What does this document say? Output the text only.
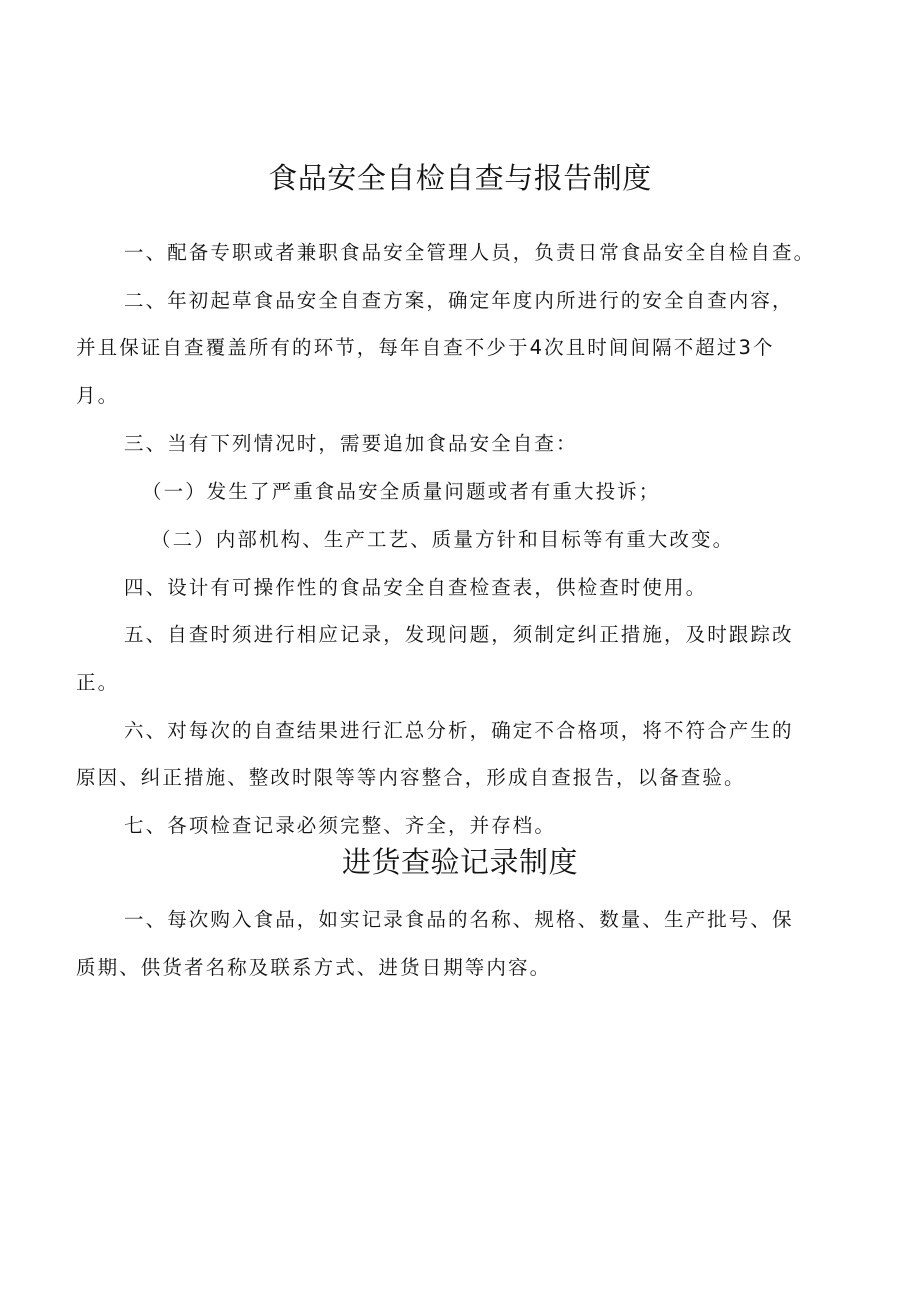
食品安全自检自查与报告制度
一、配备专职或者兼职食品安全管理人员，负责日常食品安全自检自查。
二、年初起草食品安全自查方案，确定年度内所进行的安全自查内容，
并且保证自查覆盖所有的环节，每年自查不少于4次且时间间隔不超过3个
月。
三、当有下列情况时，需要追加食品安全自查：
（一）发生了严重食品安全质量问题或者有重大投诉；
（二）内部机构、生产工艺、质量方针和目标等有重大改变。
四、设计有可操作性的食品安全自查检查表，供检查时使用。
五、自查时须进行相应记录，发现问题，须制定纠正措施，及时跟踪改
正。
六、对每次的自查结果进行汇总分析，确定不合格项，将不符合产生的
原因、纠正措施、整改时限等等内容整合，形成自查报告，以备查验。
七、各项检查记录必须完整、齐全，并存档。
进货查验记录制度
一、每次购入食品，如实记录食品的名称、规格、数量、生产批号、保
质期、供货者名称及联系方式、进货日期等内容。
